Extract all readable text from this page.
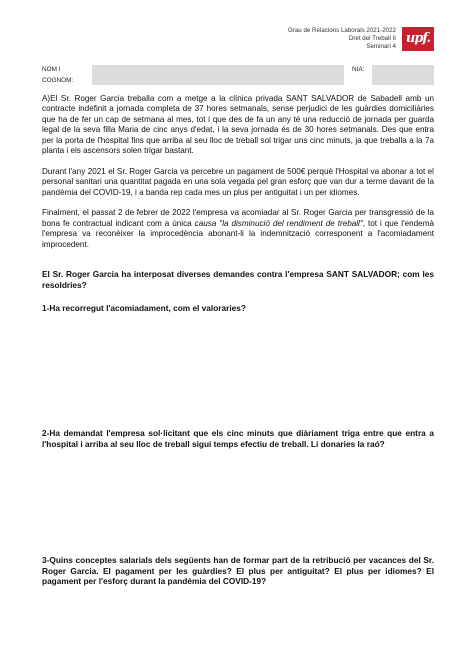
Grau de Relacions Laborals 2021-2022
Dret del Treball II
Seminari 4
upf.
NOM I
COGNOM:
NIA:

A)El Sr. Roger Garcia treballa com a metge a la clínica privada SANT SALVADOR de Sabadell amb un contracte indefinit a jornada completa de 37 hores setmanals, sense perjudici de les guàrdies domiciliàries que ha de fer un cap de setmana al mes, tot i que des de fa un any té una reducció de jornada per guarda legal de la seva filla Maria de cinc anys d'edat, i la seva jornada és de 30 hores setmanals. Des que entra per la porta de l'hospital fins que arriba al seu lloc de treball sol trigar uns cinc minuts, ja que treballa a la 7a planta i els ascensors solen trigar bastant.

Durant l'any 2021 el Sr. Roger Garcia va percebre un pagament de 500€ perquè l'Hospital va abonar a tot el personal sanitari una quantitat pagada en una sola vegada pel gran esforç que van dur a terme davant de la pandèmia del COVID-19, i a banda rep cada mes un plus per antiguitat i un per idiomes.

Finalment, el passat 2 de febrer de 2022 l'empresa va acomiadar al Sr. Roger Garcia per transgressió de la bona fe contractual indicant com a única causa "la disminució del rendiment de treball", tot i que l'endemà l'empresa va reconèixer la improcedència abonant-li la indemnització corresponent a l'acomiadament improcedent.

El Sr. Roger Garcia ha interposat diverses demandes contra l'empresa SANT SALVADOR; com les resoldries?
1-Ha recorregut l'acomiadament, com el valoraries?
2-Ha demandat l'empresa sol·licitant que els cinc minuts que diàriament triga entre que entra a l'hospital i arriba al seu lloc de treball sigui temps efectiu de treball. Li donaries la raó?
3-Quins conceptes salarials dels següents han de formar part de la retribució per vacances del Sr. Roger Garcia. El pagament per les guàrdies? El plus per antiguitat? El plus per idiomes? El pagament per l'esforç durant la pandèmia del COVID-19?
